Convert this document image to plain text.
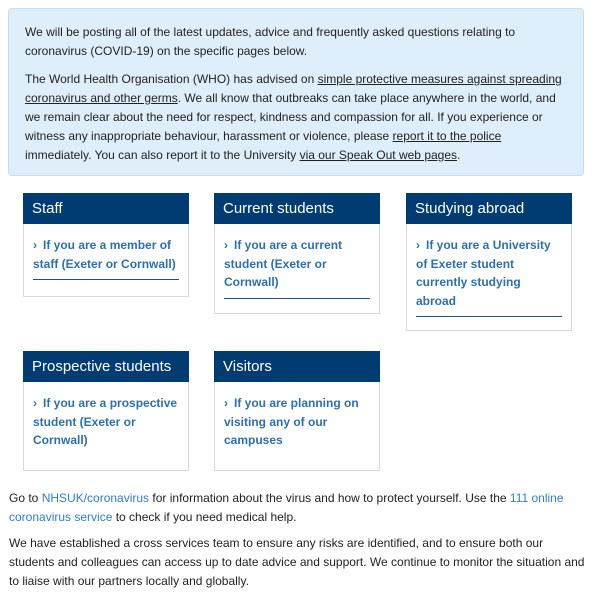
We will be posting all of the latest updates, advice and frequently asked questions relating to coronavirus (COVID-19) on the specific pages below.

The World Health Organisation (WHO) has advised on simple protective measures against spreading coronavirus and other germs. We all know that outbreaks can take place anywhere in the world, and we remain clear about the need for respect, kindness and compassion for all. If you experience or witness any inappropriate behaviour, harassment or violence, please report it to the police immediately. You can also report it to the University via our Speak Out web pages.

Staff
› If you are a member of staff (Exeter or Cornwall)
Current students
› If you are a current student (Exeter or Cornwall)
Studying abroad
› If you are a University of Exeter student currently studying abroad
Prospective students
› If you are a prospective student (Exeter or Cornwall)
Visitors
› If you are planning on visiting any of our campuses

Go to NHSUK/coronavirus for information about the virus and how to protect yourself. Use the 111 online coronavirus service to check if you need medical help.

We have established a cross services team to ensure any risks are identified, and to ensure both our students and colleagues can access up to date advice and support. We continue to monitor the situation and to liaise with our partners locally and globally.
